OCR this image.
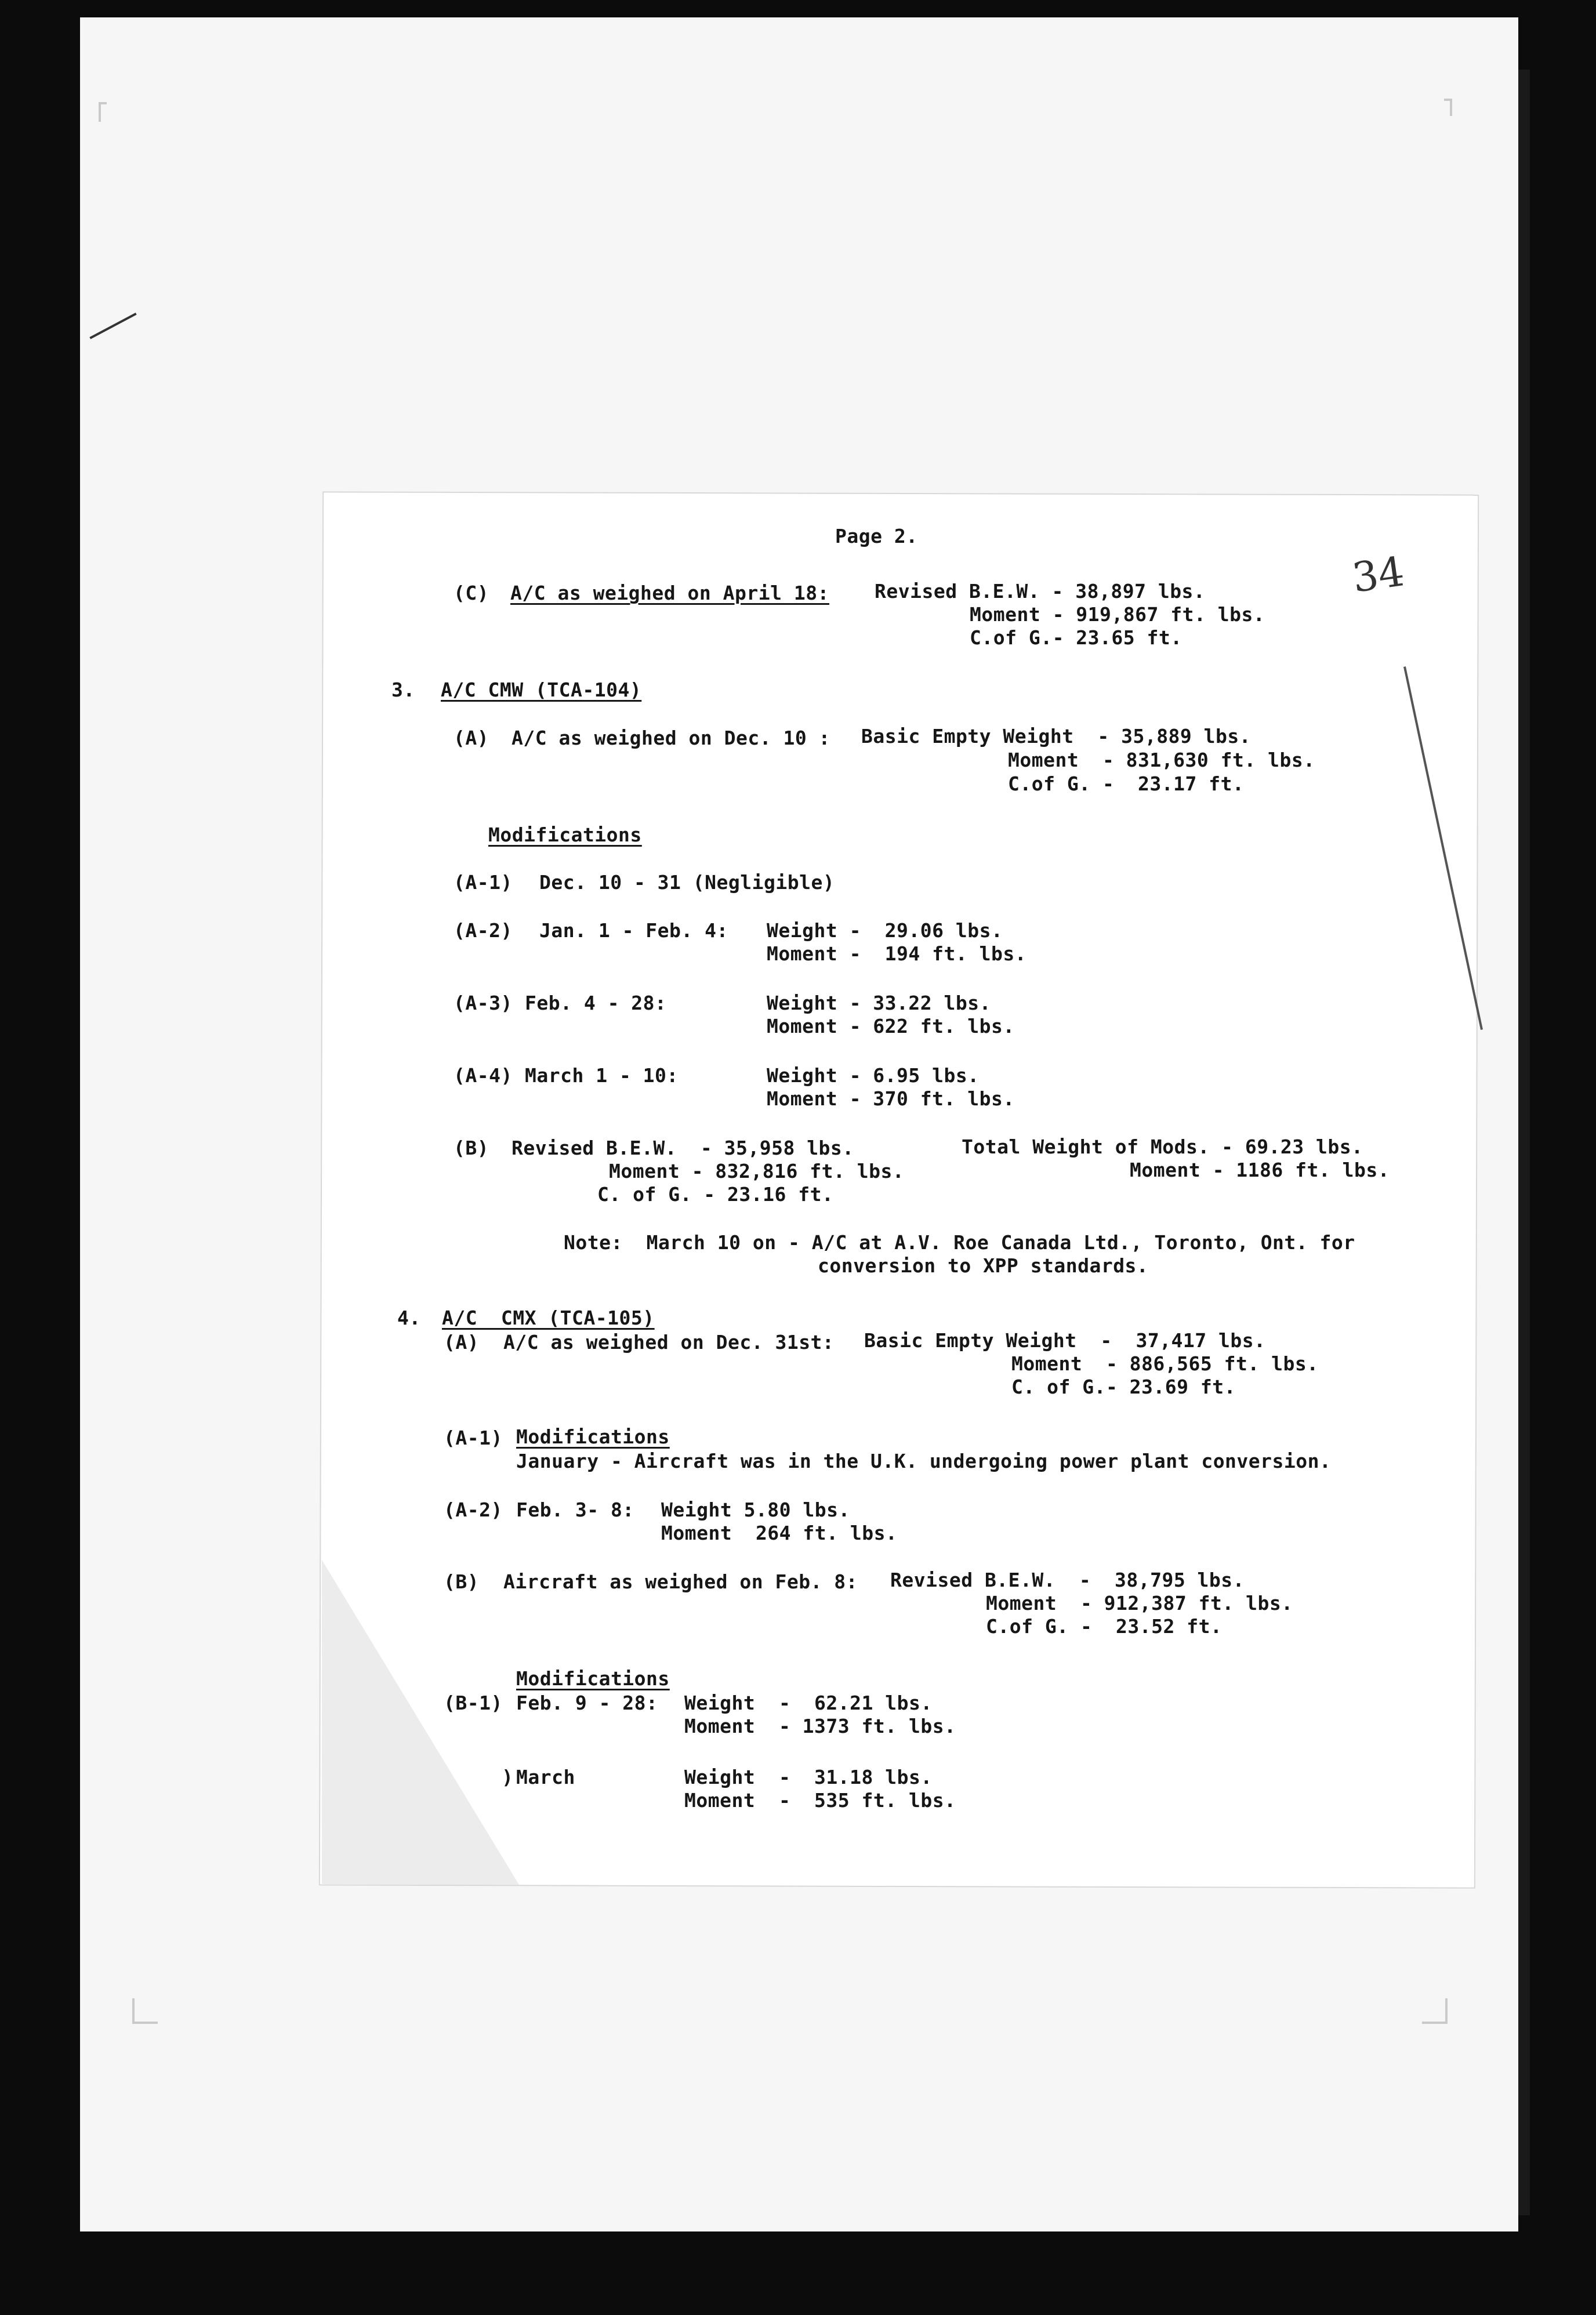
34

Page 2.

(C) A/C as weighed on April 18: Revised B.E.W. - 38,897 lbs.

Moment - 919,867 ft. lbs.

C.of G.- 23.65 ft.

3. A/C CMW (TCA-104)

(A) A/C as weighed on Dec. 10 : Basic Empty Weight  - 35,889 lbs.

Moment  - 831,630 ft. lbs.

C.of G. -  23.17 ft.

Modifications

(A-1) Dec. 10 - 31 (Negligible)

(A-2) Jan. 1 - Feb. 4: Weight -  29.06 lbs.

Moment -  194 ft. lbs.

(A-3) Feb. 4 - 28:	Weight - 33.22 lbs.

Moment - 622 ft. lbs.

(A-4) March 1 - 10:	Weight - 6.95 lbs.

Moment - 370 ft. lbs.

(B) Revised B.E.W.  - 35,958 lbs.

Moment - 832,816 ft. lbs.

C. of G. - 23.16 ft.

Total Weight of Mods. - 69.23 lbs.

Moment - 1186 ft. lbs.

Note:  March 10 on - A/C at A.V. Roe Canada Ltd., Toronto, Ont. for

conversion to XPP standards.

4. A/C  CMX (TCA-105)

(A) A/C as weighed on Dec. 31st: Basic Empty Weight  -  37,417 lbs.

Moment  - 886,565 ft. lbs.

C. of G.- 23.69 ft.

(A-1) Modifications

January - Aircraft was in the U.K. undergoing power plant conversion.

(A-2) Feb. 3- 8: Weight 5.80 lbs.

Moment  264 ft. lbs.

(B) Aircraft as weighed on Feb. 8: Revised B.E.W.  -  38,795 lbs.

Moment  - 912,387 ft. lbs.

C.of G. -  23.52 ft.

Modifications

(B-1) Feb. 9 - 28: Weight  -  62.21 lbs.

Moment  - 1373 ft. lbs.

) March	Weight  -  31.18 lbs.

Moment  -  535 ft. lbs.
